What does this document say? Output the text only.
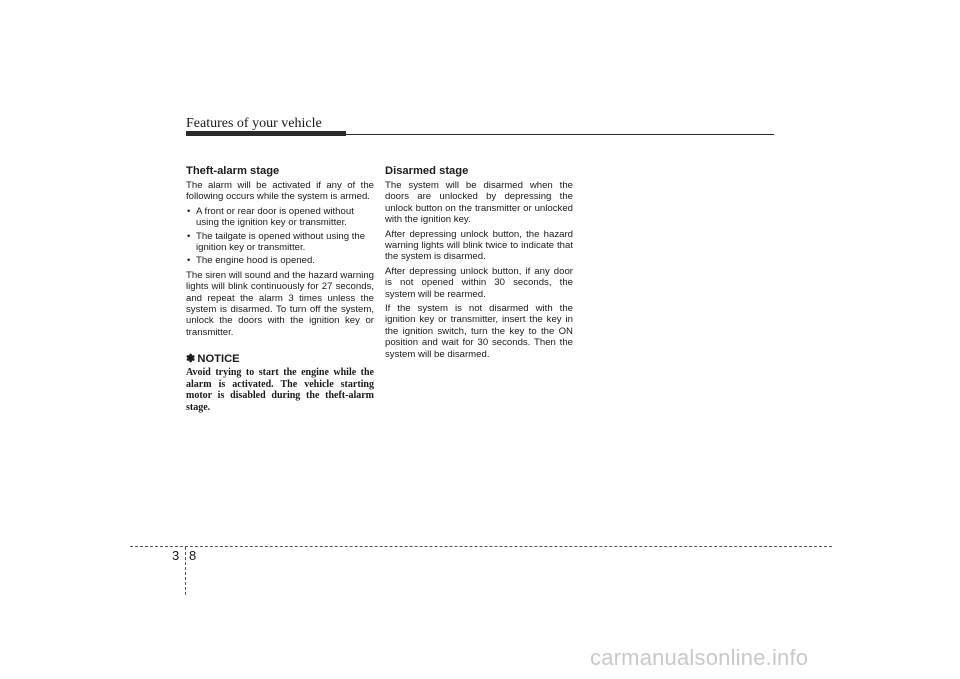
Features of your vehicle
Theft-alarm stage

The alarm will be activated if any of the following occurs while the system is armed.

• A front or rear door is opened without using the ignition key or transmitter.
• The tailgate is opened without using the ignition key or transmitter.
• The engine hood is opened.

The siren will sound and the hazard warning lights will blink continuously for 27 seconds, and repeat the alarm 3 times unless the system is disarmed. To turn off the system, unlock the doors with the ignition key or transmitter.

✽ NOTICE

Avoid trying to start the engine while the alarm is activated. The vehicle starting motor is disabled during the theft-alarm stage.

Disarmed stage

The system will be disarmed when the doors are unlocked by depressing the unlock button on the transmitter or unlocked with the ignition key.

After depressing unlock button, the hazard warning lights will blink twice to indicate that the system is disarmed.

After depressing unlock button, if any door is not opened within 30 seconds, the system will be rearmed.

If the system is not disarmed with the ignition key or transmitter, insert the key in the ignition switch, turn the key to the ON position and wait for 30 seconds. Then the system will be disarmed.

3 8
carmanualsonline.info
